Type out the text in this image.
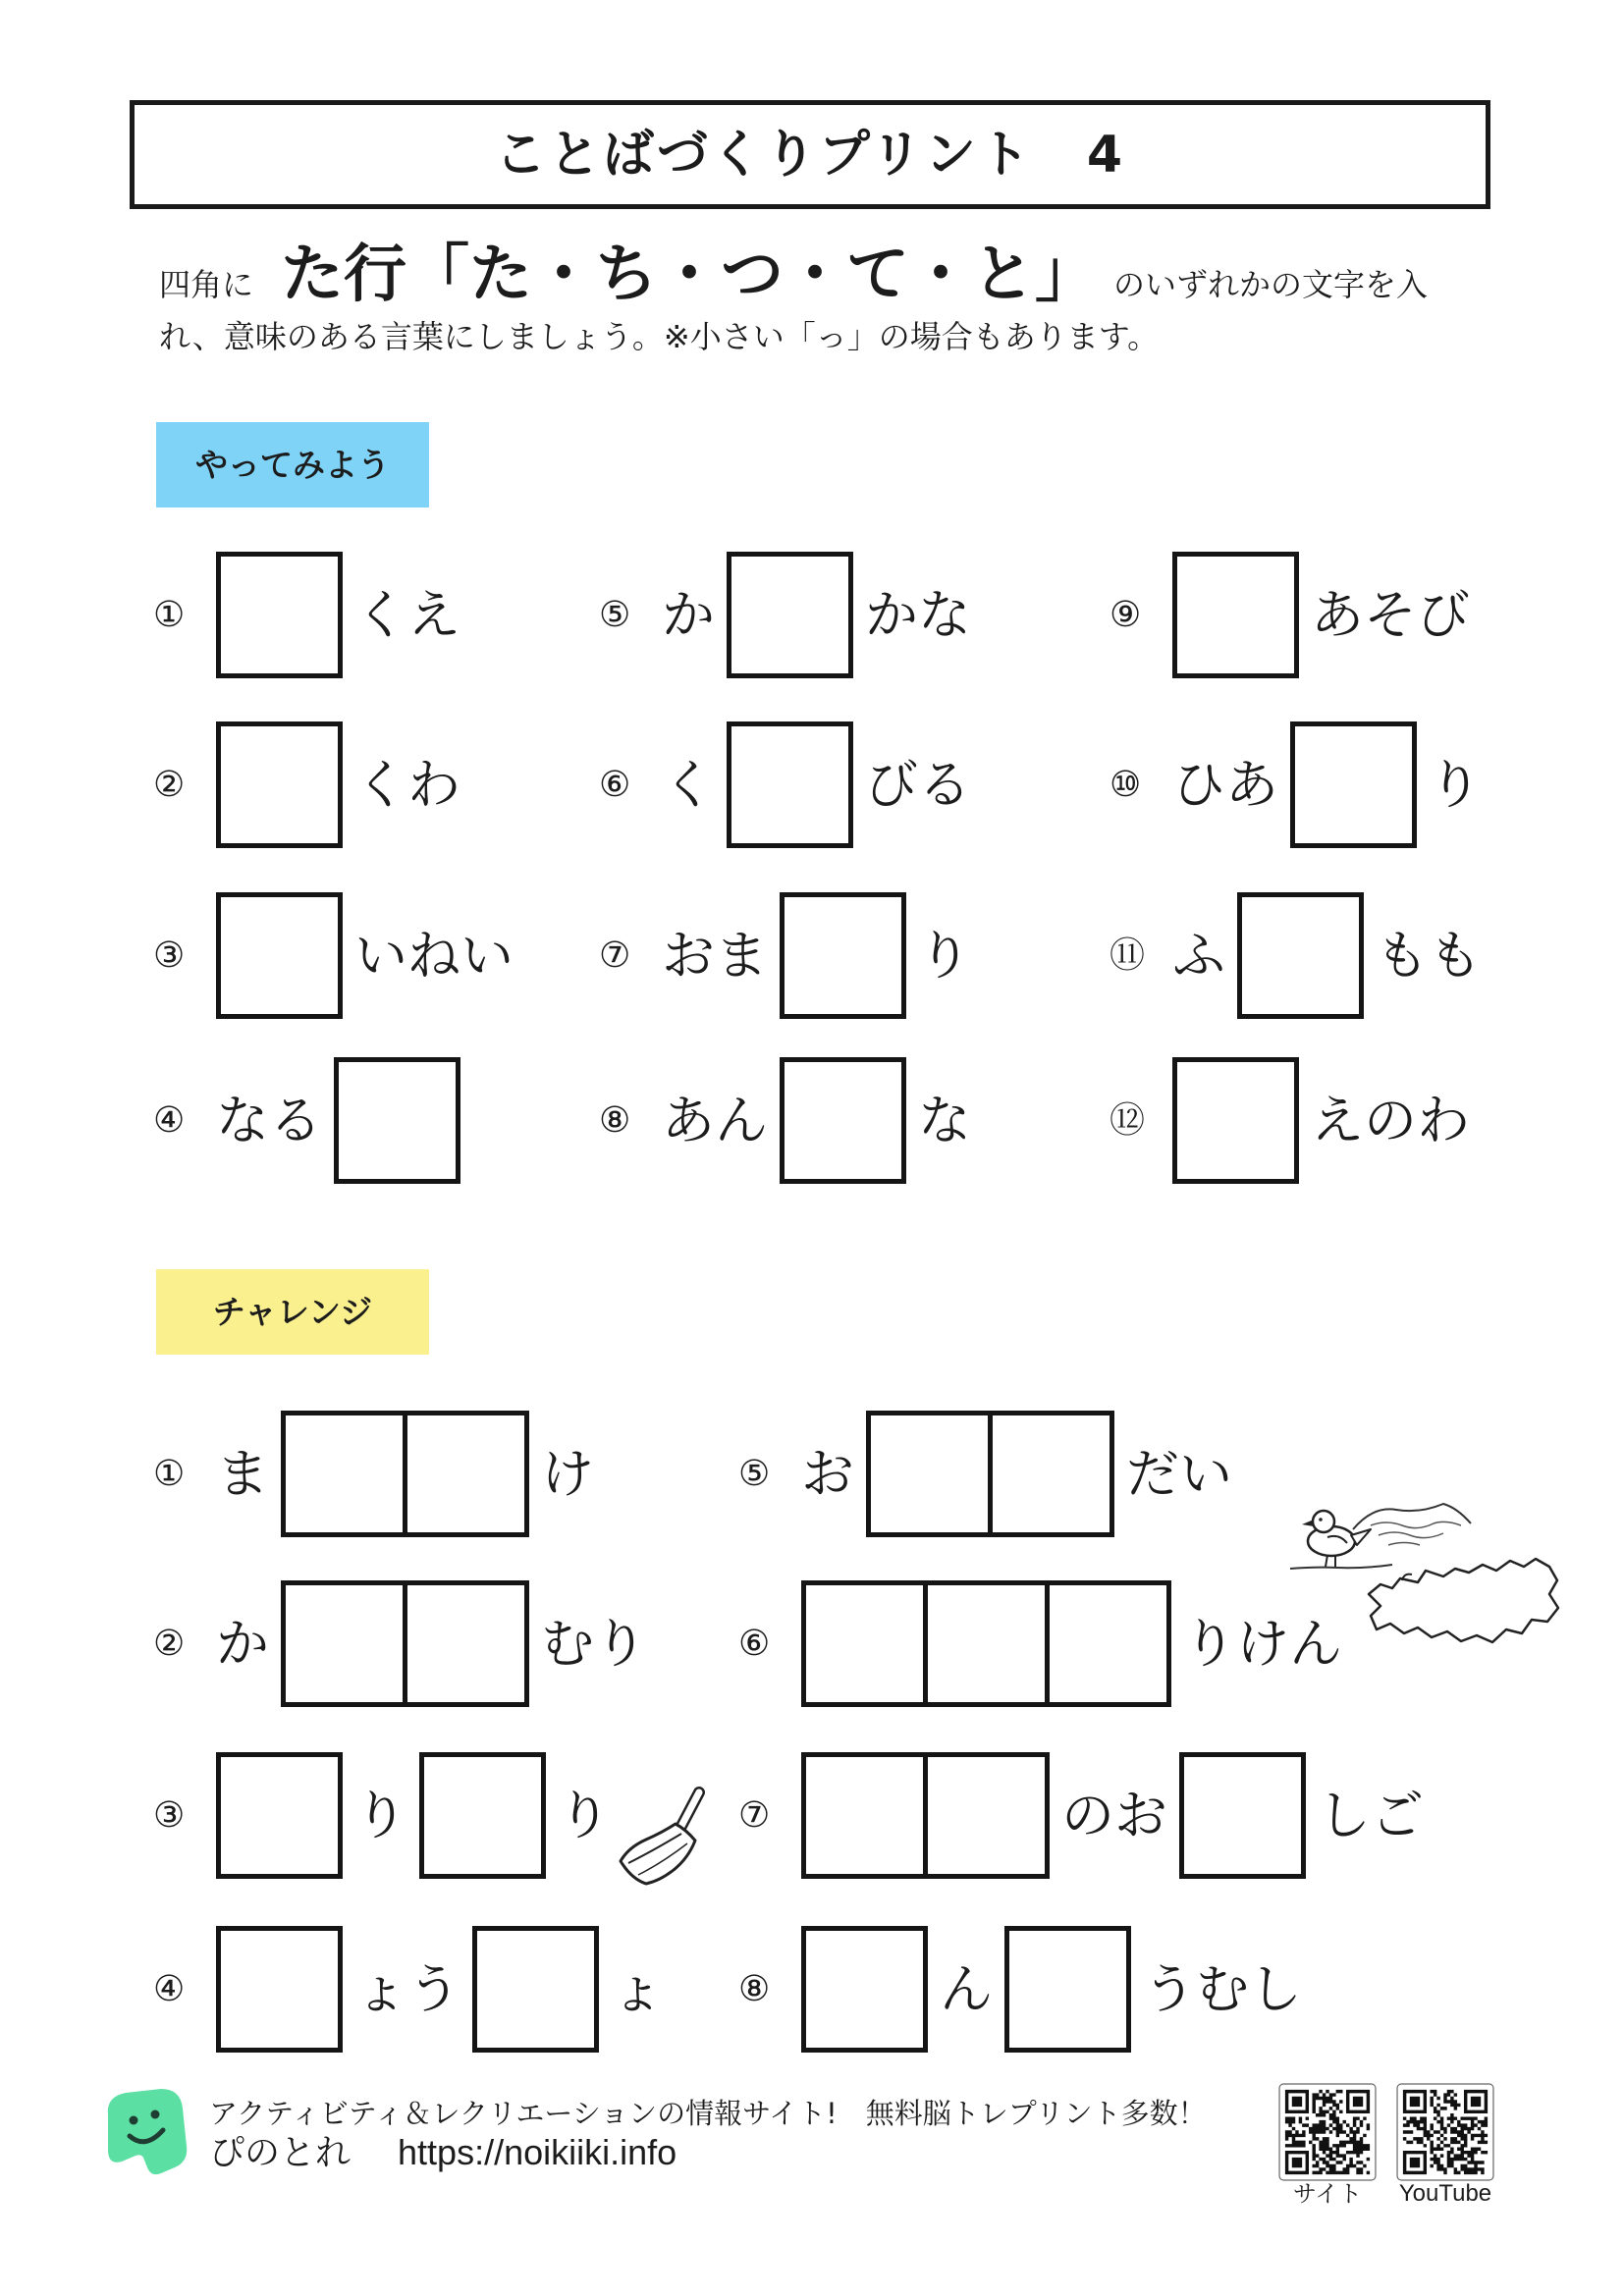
ことばづくりプリント　4
四角に た行「た・ち・つ・て・と」 のいずれかの文字を入
れ、意味のある言葉にしましょう。※小さい「っ」の場合もあります。
やってみよう
チャレンジ
①	くえ
②	くわ
③	いねい
④ なる
⑤ か	かな
⑥ く	びる
⑦ おま	り
⑧ あん	な
⑨	あそび
⑩ ひあ	り
⑪ ふ	もも
⑫	えのわ
① ま	け
② か	むり
③	り	り
④	ょう	ょ
⑤ お	だい
⑥	りけん
⑦	のお	しご
⑧	ん	うむし
アクティビティ＆レクリエーションの情報サイト!　無料脳トレプリント多数！
ぴのとれ https://noikiiki.info
サイト	YouTube
